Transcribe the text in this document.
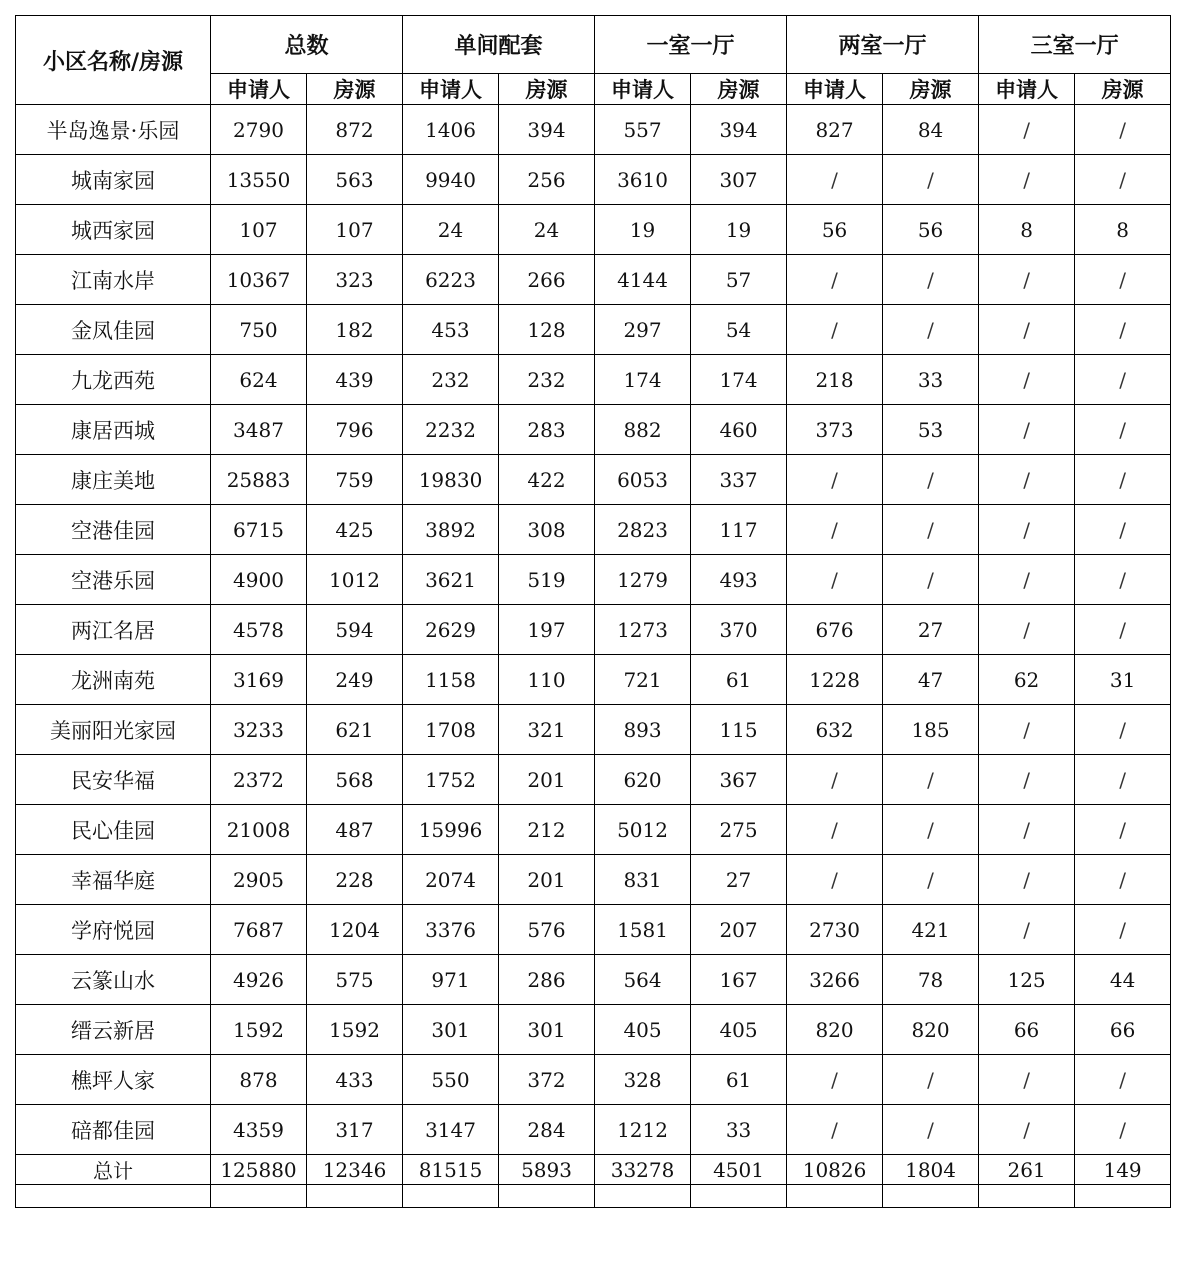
小区名称/房源	总数		单间配套		一室一厅		两室一厅		三室一厅	
	申请人	房源	申请人	房源	申请人	房源	申请人	房源	申请人	房源
半岛逸景·乐园	2790	872	1406	394	557	394	827	84	/	/
城南家园	13550	563	9940	256	3610	307	/	/	/	/
城西家园	107	107	24	24	19	19	56	56	8	8
江南水岸	10367	323	6223	266	4144	57	/	/	/	/
金凤佳园	750	182	453	128	297	54	/	/	/	/
九龙西苑	624	439	232	232	174	174	218	33	/	/
康居西城	3487	796	2232	283	882	460	373	53	/	/
康庄美地	25883	759	19830	422	6053	337	/	/	/	/
空港佳园	6715	425	3892	308	2823	117	/	/	/	/
空港乐园	4900	1012	3621	519	1279	493	/	/	/	/
两江名居	4578	594	2629	197	1273	370	676	27	/	/
龙洲南苑	3169	249	1158	110	721	61	1228	47	62	31
美丽阳光家园	3233	621	1708	321	893	115	632	185	/	/
民安华福	2372	568	1752	201	620	367	/	/	/	/
民心佳园	21008	487	15996	212	5012	275	/	/	/	/
幸福华庭	2905	228	2074	201	831	27	/	/	/	/
学府悦园	7687	1204	3376	576	1581	207	2730	421	/	/
云篆山水	4926	575	971	286	564	167	3266	78	125	44
缙云新居	1592	1592	301	301	405	405	820	820	66	66
樵坪人家	878	433	550	372	328	61	/	/	/	/
碚都佳园	4359	317	3147	284	1212	33	/	/	/	/
总计	125880	12346	81515	5893	33278	4501	10826	1804	261	149
